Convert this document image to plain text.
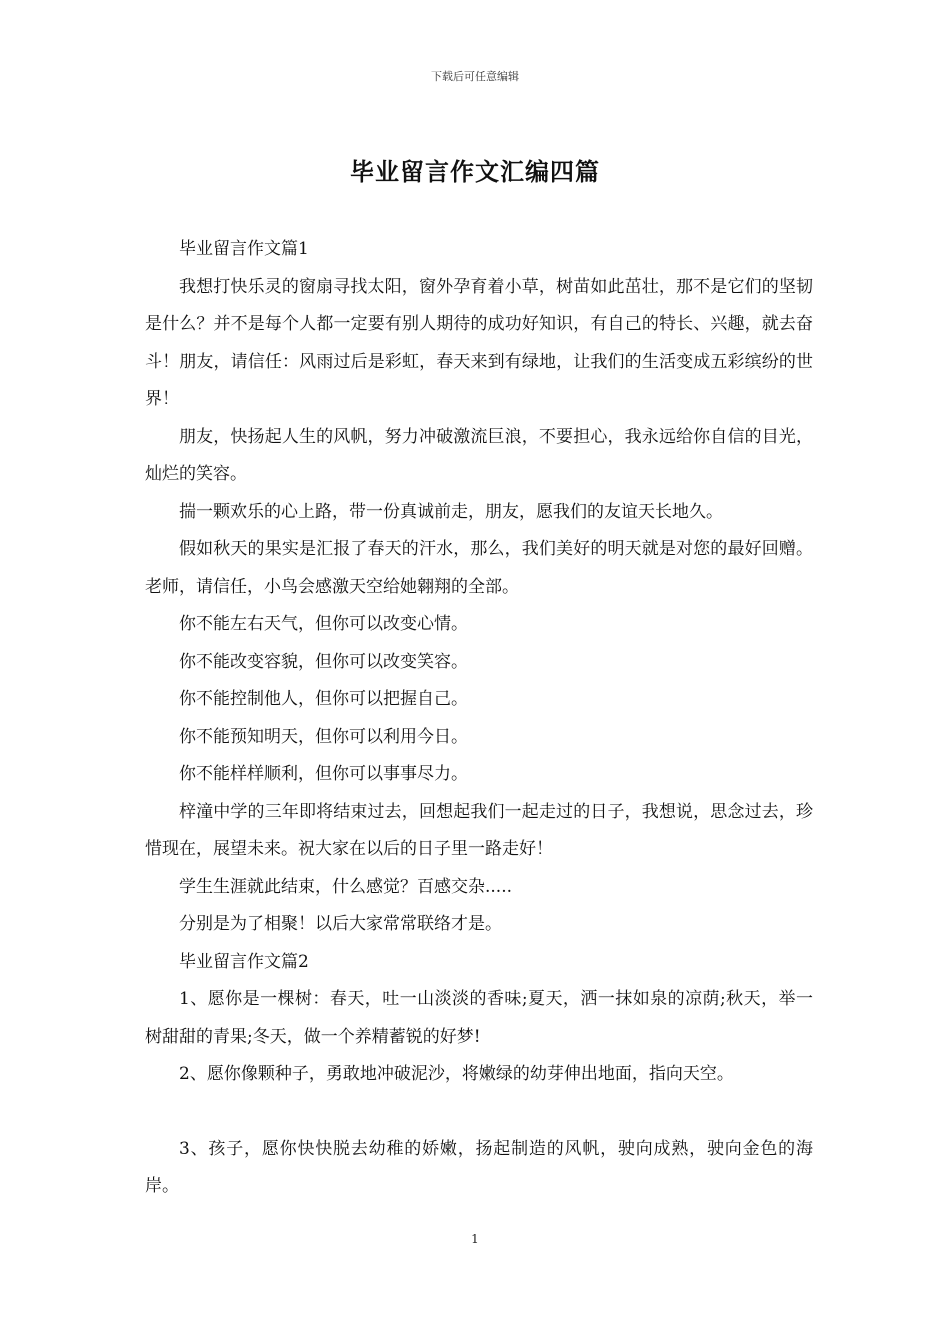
下载后可任意编辑
毕业留言作文汇编四篇

毕业留言作文篇1

我想打快乐灵的窗扇寻找太阳，窗外孕育着小草，树苗如此茁壮，那不是它们的坚韧是什么？并不是每个人都一定要有别人期待的成功好知识，有自己的特长、兴趣，就去奋斗！朋友，请信任：风雨过后是彩虹，春天来到有绿地，让我们的生活变成五彩缤纷的世界！

朋友，快扬起人生的风帆，努力冲破激流巨浪，不要担心，我永远给你自信的目光，灿烂的笑容。

揣一颗欢乐的心上路，带一份真诚前走，朋友，愿我们的友谊天长地久。

假如秋天的果实是汇报了春天的汗水，那么，我们美好的明天就是对您的最好回赠。老师，请信任，小鸟会感激天空给她翱翔的全部。

你不能左右天气，但你可以改变心情。

你不能改变容貌，但你可以改变笑容。

你不能控制他人，但你可以把握自己。

你不能预知明天，但你可以利用今日。

你不能样样顺利，但你可以事事尽力。

梓潼中学的三年即将结束过去，回想起我们一起走过的日子，我想说，思念过去，珍惜现在，展望未来。祝大家在以后的日子里一路走好！

学生生涯就此结束，什么感觉？百感交杂.....

分别是为了相聚！以后大家常常联络才是。

毕业留言作文篇2

1、愿你是一棵树：春天，吐一山淡淡的香味;夏天，洒一抹如泉的凉荫;秋天，举一树甜甜的青果;冬天，做一个养精蓄锐的好梦!

2、愿你像颗种子，勇敢地冲破泥沙，将嫩绿的幼芽伸出地面，指向天空。

3、孩子，愿你快快脱去幼稚的娇嫩，扬起制造的风帆，驶向成熟，驶向金色的海岸。

1
